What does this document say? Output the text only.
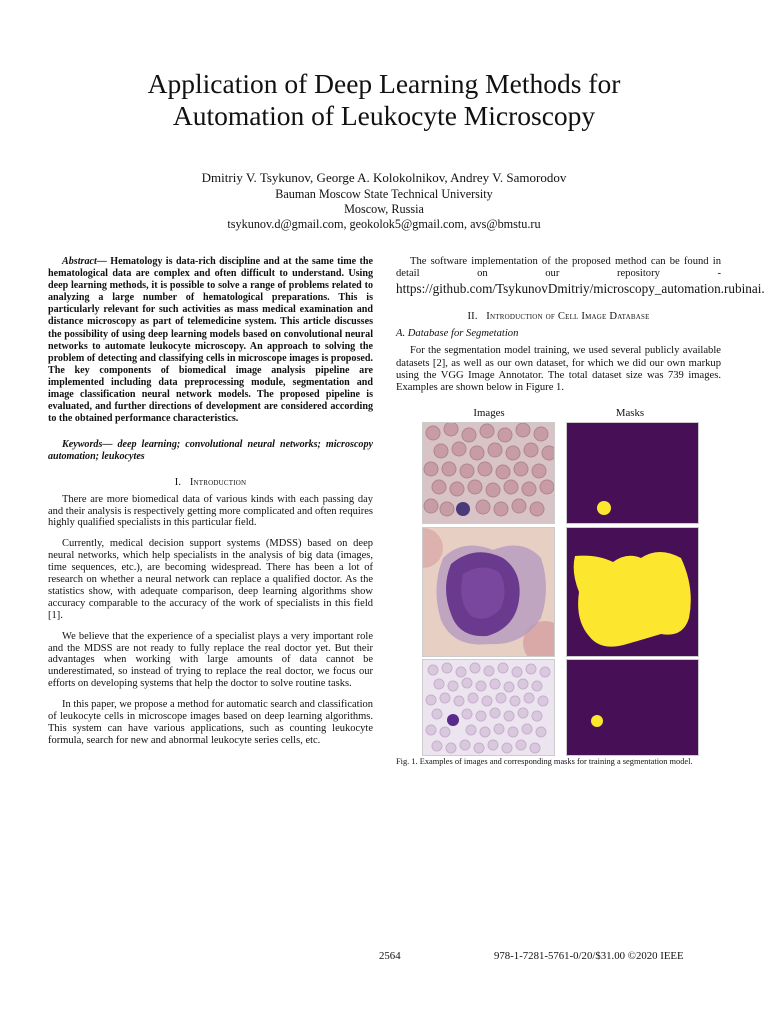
Application of Deep Learning Methods for
Automation of Leukocyte Microscopy
Dmitriy V. Tsykunov, George A. Kolokolnikov, Andrey V. Samorodov
Bauman Moscow State Technical University
Moscow, Russia
tsykunov.d@gmail.com, geokolok5@gmail.com, avs@bmstu.ru

Abstract— Hematology is data-rich discipline and at the same time the hematological data are complex and often difficult to understand. Using deep learning methods, it is possible to solve a range of problems related to analyzing a large number of hematological preparations. This is particularly relevant for such activities as mass medical examination and distance microscopy as part of telemedicine system. This article discusses the possibility of using deep learning models based on convolutional neural networks to automate leukocyte microscopy. An approach to solving the problem of detecting and classifying cells in microscope images is proposed. The key components of biomedical image analysis pipeline are implemented including data preprocessing module, segmentation and image classification neural network models. The proposed pipeline is evaluated, and further directions of development are considered according to the obtained performance characteristics.

Keywords— deep learning; convolutional neural networks; microscopy automation; leukocytes

I. Introduction

There are more biomedical data of various kinds with each passing day and their analysis is respectively getting more complicated and often requires highly qualified specialists in this particular field.

Currently, medical decision support systems (MDSS) based on deep neural networks, which help specialists in the analysis of big data (images, time sequences, etc.), are becoming widespread. There has been a lot of research on whether a neural network can replace a qualified doctor. As the statistics show, with adequate comparison, deep learning algorithms show accuracy comparable to the accuracy of the work of specialists in this field [1].

We believe that the experience of a specialist plays a very important role and the MDSS are not ready to fully replace the real doctor yet. But their advantages when working with large amounts of data cannot be underestimated, so instead of trying to replace the real doctor, we focus our efforts on developing systems that help the doctor to solve routine tasks.

In this paper, we propose a method for automatic search and classification of leukocyte cells in microscope images based on deep learning algorithms. This system can have various applications, such as counting leukocyte formula, search for new and abnormal leukocyte series cells, etc.

The software implementation of the proposed method can be found in detail on our repository - https://github.com/TsykunovDmitriy/microscopy_automation.rubinai.

II. Introduction of Cell Image Database
A. Database for Segmetation

For the segmentation model training, we used several publicly available datasets [2], as well as our own dataset, for which we did our own markup using the VGG Image Annotator. The total dataset size was 739 images. Examples are shown below in Figure 1.

Images	Masks
Fig. 1. Examples of images and corresponding masks for training a segmentation model.
2564	978-1-7281-5761-0/20/$31.00 ©2020 IEEE
